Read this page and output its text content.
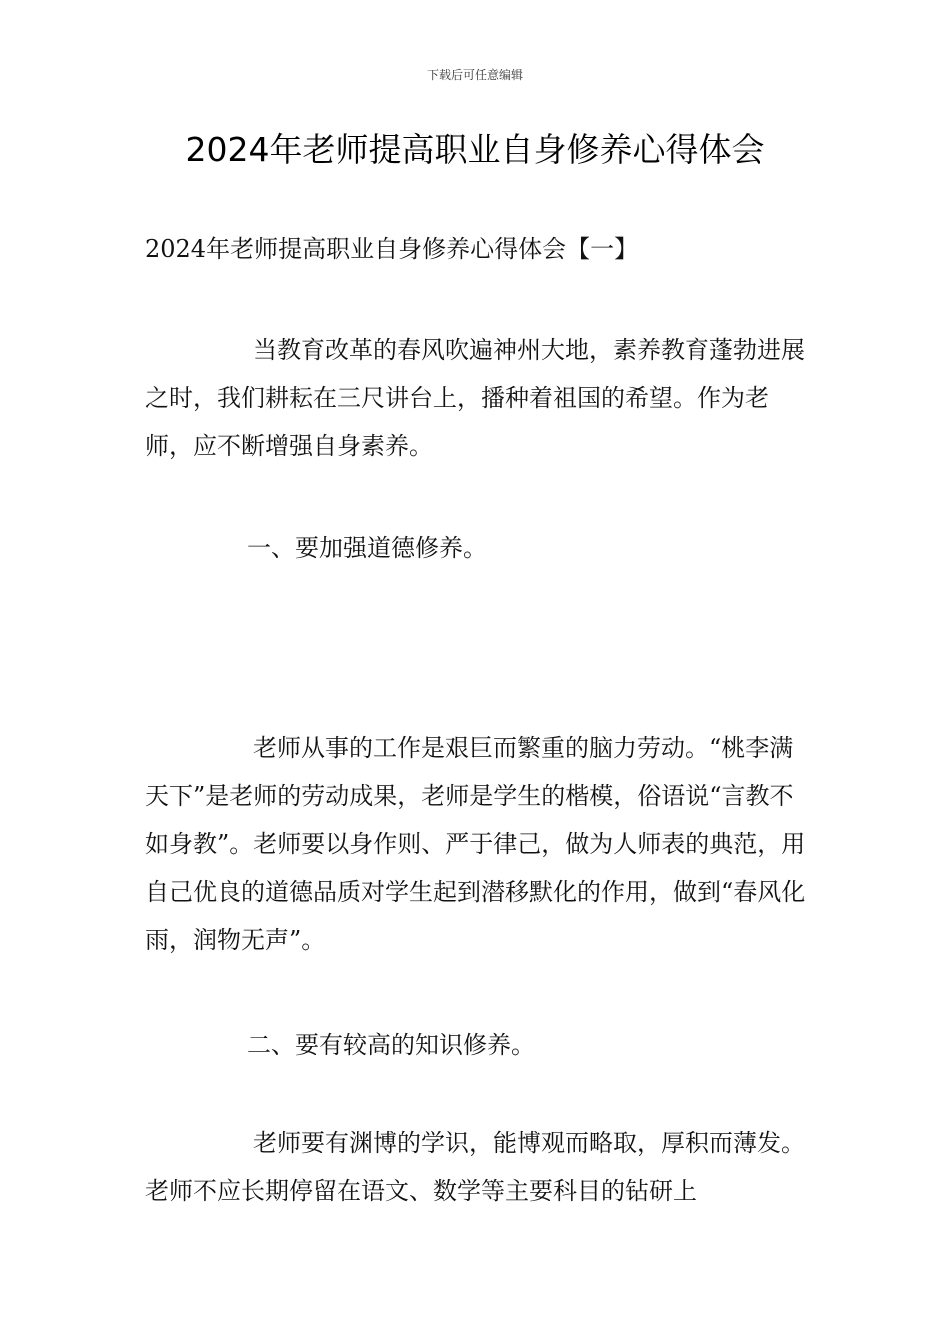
下载后可任意编辑
2024年老师提高职业自身修养心得体会

2024年老师提高职业自身修养心得体会【一】

当教育改革的春风吹遍神州大地，素养教育蓬勃进展之时，我们耕耘在三尺讲台上，播种着祖国的希望。作为老师，应不断增强自身素养。

一、要加强道德修养。

老师从事的工作是艰巨而繁重的脑力劳动。“桃李满天下”是老师的劳动成果，老师是学生的楷模，俗语说“言教不如身教”。老师要以身作则、严于律己，做为人师表的典范，用自己优良的道德品质对学生起到潜移默化的作用，做到“春风化雨，润物无声”。

二、要有较高的知识修养。

老师要有渊博的学识，能博观而略取，厚积而薄发。老师不应长期停留在语文、数学等主要科目的钻研上
